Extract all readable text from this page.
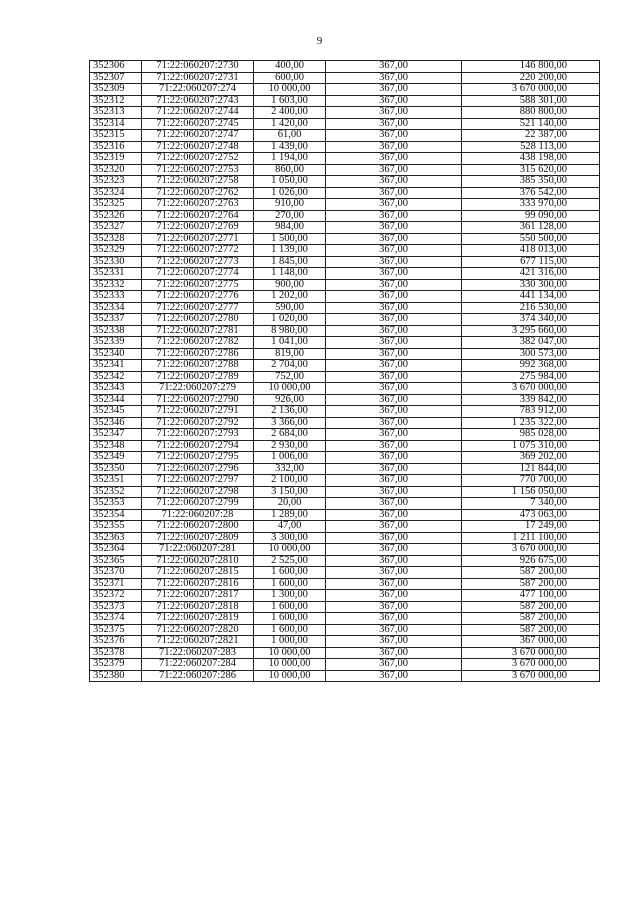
9
352306	71:22:060207:2730	400,00	367,00	146 800,00
352307	71:22:060207:2731	600,00	367,00	220 200,00
352309	71:22:060207:274	10 000,00	367,00	3 670 000,00
352312	71:22:060207:2743	1 603,00	367,00	588 301,00
352313	71:22:060207:2744	2 400,00	367,00	880 800,00
352314	71:22:060207:2745	1 420,00	367,00	521 140,00
352315	71:22:060207:2747	61,00	367,00	22 387,00
352316	71:22:060207:2748	1 439,00	367,00	528 113,00
352319	71:22:060207:2752	1 194,00	367,00	438 198,00
352320	71:22:060207:2753	860,00	367,00	315 620,00
352323	71:22:060207:2758	1 050,00	367,00	385 350,00
352324	71:22:060207:2762	1 026,00	367,00	376 542,00
352325	71:22:060207:2763	910,00	367,00	333 970,00
352326	71:22:060207:2764	270,00	367,00	99 090,00
352327	71:22:060207:2769	984,00	367,00	361 128,00
352328	71:22:060207:2771	1 500,00	367,00	550 500,00
352329	71:22:060207:2772	1 139,00	367,00	418 013,00
352330	71:22:060207:2773	1 845,00	367,00	677 115,00
352331	71:22:060207:2774	1 148,00	367,00	421 316,00
352332	71:22:060207:2775	900,00	367,00	330 300,00
352333	71:22:060207:2776	1 202,00	367,00	441 134,00
352334	71:22:060207:2777	590,00	367,00	216 530,00
352337	71:22:060207:2780	1 020,00	367,00	374 340,00
352338	71:22:060207:2781	8 980,00	367,00	3 295 660,00
352339	71:22:060207:2782	1 041,00	367,00	382 047,00
352340	71:22:060207:2786	819,00	367,00	300 573,00
352341	71:22:060207:2788	2 704,00	367,00	992 368,00
352342	71:22:060207:2789	752,00	367,00	275 984,00
352343	71:22:060207:279	10 000,00	367,00	3 670 000,00
352344	71:22:060207:2790	926,00	367,00	339 842,00
352345	71:22:060207:2791	2 136,00	367,00	783 912,00
352346	71:22:060207:2792	3 366,00	367,00	1 235 322,00
352347	71:22:060207:2793	2 684,00	367,00	985 028,00
352348	71:22:060207:2794	2 930,00	367,00	1 075 310,00
352349	71:22:060207:2795	1 006,00	367,00	369 202,00
352350	71:22:060207:2796	332,00	367,00	121 844,00
352351	71:22:060207:2797	2 100,00	367,00	770 700,00
352352	71:22:060207:2798	3 150,00	367,00	1 156 050,00
352353	71:22:060207:2799	20,00	367,00	7 340,00
352354	71:22:060207:28	1 289,00	367,00	473 063,00
352355	71:22:060207:2800	47,00	367,00	17 249,00
352363	71:22:060207:2809	3 300,00	367,00	1 211 100,00
352364	71:22:060207:281	10 000,00	367,00	3 670 000,00
352365	71:22:060207:2810	2 525,00	367,00	926 675,00
352370	71:22:060207:2815	1 600,00	367,00	587 200,00
352371	71:22:060207:2816	1 600,00	367,00	587 200,00
352372	71:22:060207:2817	1 300,00	367,00	477 100,00
352373	71:22:060207:2818	1 600,00	367,00	587 200,00
352374	71:22:060207:2819	1 600,00	367,00	587 200,00
352375	71:22:060207:2820	1 600,00	367,00	587 200,00
352376	71:22:060207:2821	1 000,00	367,00	367 000,00
352378	71:22:060207:283	10 000,00	367,00	3 670 000,00
352379	71:22:060207:284	10 000,00	367,00	3 670 000,00
352380	71:22:060207:286	10 000,00	367,00	3 670 000,00
